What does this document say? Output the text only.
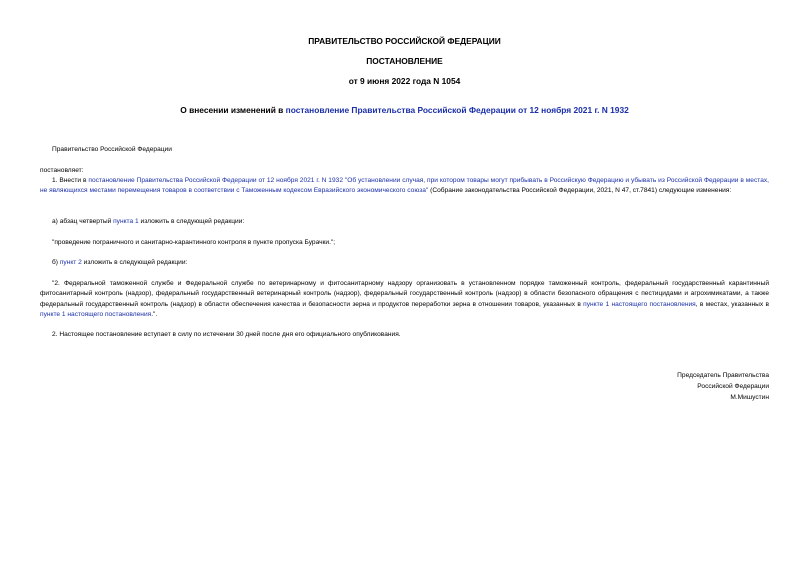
ПРАВИТЕЛЬСТВО РОССИЙСКОЙ ФЕДЕРАЦИИ
ПОСТАНОВЛЕНИЕ
от 9 июня 2022 года N 1054
О внесении изменений в постановление Правительства Российской Федерации от 12 ноября 2021 г. N 1932
Правительство Российской Федерации
постановляет:
1. Внести в постановление Правительства Российской Федерации от 12 ноября 2021 г. N 1932 "Об установлении случая, при котором товары могут прибывать в Российскую Федерацию и убывать из Российской Федерации в местах, не являющихся местами перемещения товаров в соответствии с Таможенным кодексом Евразийского экономического союза" (Собрание законодательства Российской Федерации, 2021, N 47, ст.7841) следующие изменения:
а) абзац четвертый пункта 1 изложить в следующей редакции:
"проведение пограничного и санитарно-карантинного контроля в пункте пропуска Бурачки.";
б) пункт 2 изложить в следующей редакции:
"2. Федеральной таможенной службе и Федеральной службе по ветеринарному и фитосанитарному надзору организовать в установленном порядке таможенный контроль, федеральный государственный карантинный фитосанитарный контроль (надзор), федеральный государственный ветеринарный контроль (надзор), федеральный государственный контроль (надзор) в области безопасного обращения с пестицидами и агрохимикатами, а также федеральный государственный контроль (надзор) в области обеспечения качества и безопасности зерна и продуктов переработки зерна в отношении товаров, указанных в пункте 1 настоящего постановления, в местах, указанных в пункте 1 настоящего постановления.".
2. Настоящее постановление вступает в силу по истечении 30 дней после дня его официального опубликования.
Председатель Правительства
Российской Федерации
М.Мишустин
